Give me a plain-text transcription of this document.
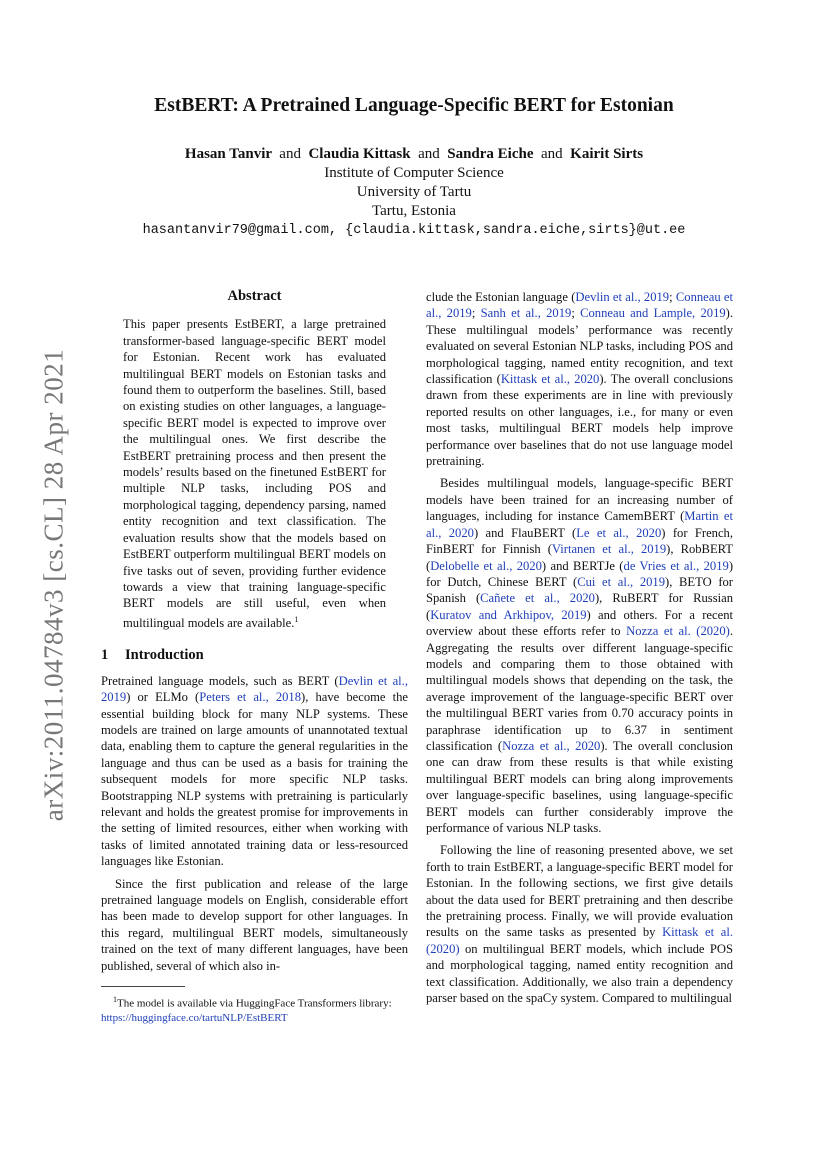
arXiv:2011.04784v3 [cs.CL] 28 Apr 2021
EstBERT: A Pretrained Language-Specific BERT for Estonian
Hasan Tanvir and Claudia Kittask and Sandra Eiche and Kairit Sirts
Institute of Computer Science
University of Tartu
Tartu, Estonia
hasantanvir79@gmail.com, {claudia.kittask,sandra.eiche,sirts}@ut.ee
Abstract

This paper presents EstBERT, a large pretrained transformer-based language-specific BERT model for Estonian. Recent work has evaluated multilingual BERT models on Estonian tasks and found them to outperform the baselines. Still, based on existing studies on other languages, a language-specific BERT model is expected to improve over the multilingual ones. We first describe the EstBERT pretraining process and then present the models’ results based on the finetuned EstBERT for multiple NLP tasks, including POS and morphological tagging, dependency parsing, named entity recognition and text classification. The evaluation results show that the models based on EstBERT outperform multilingual BERT models on five tasks out of seven, providing further evidence towards a view that training language-specific BERT models are still useful, even when multilingual models are available.$^1$

1 Introduction

Pretrained language models, such as BERT (Devlin et al., 2019) or ELMo (Peters et al., 2018), have become the essential building block for many NLP systems. These models are trained on large amounts of unannotated textual data, enabling them to capture the general regularities in the language and thus can be used as a basis for training the subsequent models for more specific NLP tasks. Bootstrapping NLP systems with pretraining is particularly relevant and holds the greatest promise for improvements in the setting of limited resources, either when working with tasks of limited annotated training data or less-resourced languages like Estonian.

Since the first publication and release of the large pretrained language models on English, considerable effort has been made to develop support for other languages. In this regard, multilingual BERT models, simultaneously trained on the text of many different languages, have been published, several of which also in-

$^1$The model is available via HuggingFace Transformers library: https://huggingface.co/tartuNLP/EstBERT

clude the Estonian language (Devlin et al., 2019; Conneau et al., 2019; Sanh et al., 2019; Conneau and Lample, 2019). These multilingual models’ performance was recently evaluated on several Estonian NLP tasks, including POS and morphological tagging, named entity recognition, and text classification (Kittask et al., 2020). The overall conclusions drawn from these experiments are in line with previously reported results on other languages, i.e., for many or even most tasks, multilingual BERT models help improve performance over baselines that do not use language model pretraining.

Besides multilingual models, language-specific BERT models have been trained for an increasing number of languages, including for instance CamemBERT (Martin et al., 2020) and FlauBERT (Le et al., 2020) for French, FinBERT for Finnish (Virtanen et al., 2019), RobBERT (Delobelle et al., 2020) and BERTJe (de Vries et al., 2019) for Dutch, Chinese BERT (Cui et al., 2019), BETO for Spanish (Cañete et al., 2020), RuBERT for Russian (Kuratov and Arkhipov, 2019) and others. For a recent overview about these efforts refer to Nozza et al. (2020). Aggregating the results over different language-specific models and comparing them to those obtained with multilingual models shows that depending on the task, the average improvement of the language-specific BERT over the multilingual BERT varies from 0.70 accuracy points in paraphrase identification up to 6.37 in sentiment classification (Nozza et al., 2020). The overall conclusion one can draw from these results is that while existing multilingual BERT models can bring along improvements over language-specific baselines, using language-specific BERT models can further considerably improve the performance of various NLP tasks.

Following the line of reasoning presented above, we set forth to train EstBERT, a language-specific BERT model for Estonian. In the following sections, we first give details about the data used for BERT pretraining and then describe the pretraining process. Finally, we will provide evaluation results on the same tasks as presented by Kittask et al. (2020) on multilingual BERT models, which include POS and morphological tagging, named entity recognition and text classification. Additionally, we also train a dependency parser based on the spaCy system. Compared to multilingual
